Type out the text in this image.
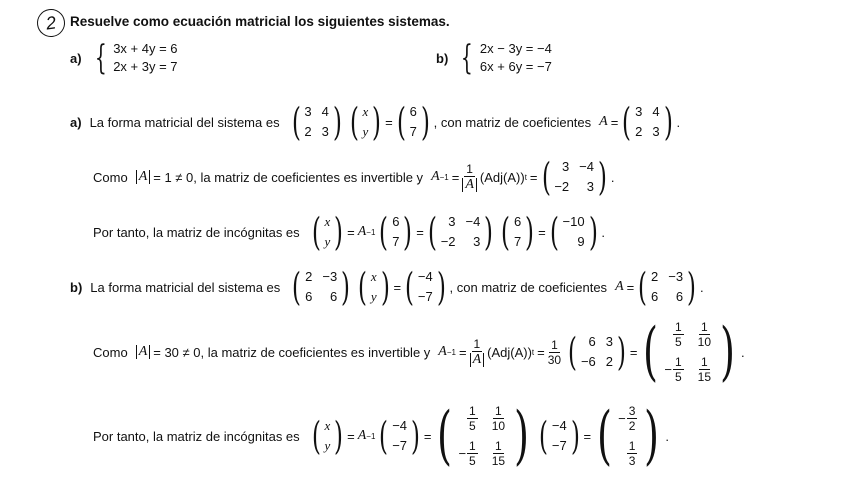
2 Resuelve como ecuación matricial los siguientes sistemas.
a) { 3x + 4y = 6
2x + 3y = 7
b) { 2x − 3y = −4
6x + 6y = −7
a) La forma matricial del sistema es ( 3 4
2 3 ) ( x
y ) = ( 6
7 ) , con matriz de coeficientes A = ( 3 4
2 3 ) .
Como A = 1 ≠ 0 , la matriz de coeficientes es invertible y $A -1 = \frac{1}{A} (Adj(A)) t$ = ( 3 −4
−2 3 ) .
Por tanto, la matriz de incógnitas es ( x
y ) = A −1 ( 6
7 ) = ( 3 −4
−2 3 ) ( 6
7 ) = ( −10
9 ) .
b) La forma matricial del sistema es ( 2 −3
6 6 ) ( x
y ) = ( −4
−7 ) , con matriz de coeficientes A = ( 2 −3
6 6 ) .
Como A = 30 ≠ 0 , la matriz de coeficientes es invertible y $A -1 = \frac{1}{A} (Adj(A)) t = \frac{1}{30}$ ( 6 3
−6 2 ) = ( $\frac{1}{5} \frac{1}{10}$
− $\frac{1}{5} \frac{1}{15}$ ) .
Por tanto, la matriz de incógnitas es ( x
y ) = A −1 ( −4
−7 ) = ( $\frac{1}{5} \frac{1}{10}$
− $\frac{1}{5} \frac{1}{15}$ ) ( −4
−7 ) = ( − $\frac{3}{2}$
$\frac{1}{3}$ ) .
